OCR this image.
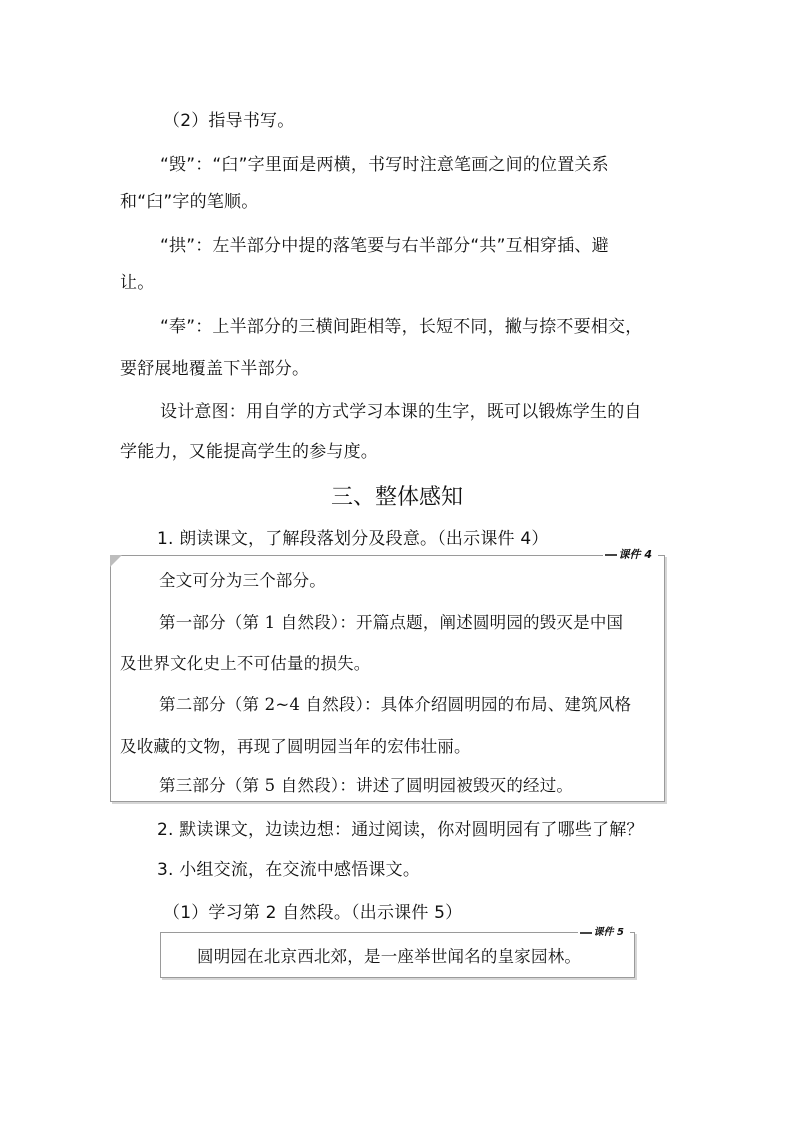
（2）指导书写。
“毁”：“臼”字里面是两横，书写时注意笔画之间的位置关系
和“臼”字的笔顺。
“拱”：左半部分中提的落笔要与右半部分“共”互相穿插、避
让。
“奉”：上半部分的三横间距相等，长短不同，撇与捺不要相交，
要舒展地覆盖下半部分。
设计意图：用自学的方式学习本课的生字，既可以锻炼学生的自
学能力，又能提高学生的参与度。
三、整体感知
1. 朗读课文，了解段落划分及段意。（出示课件 4）
课件 4
全文可分为三个部分。
第一部分（第 1 自然段）：开篇点题，阐述圆明园的毁灭是中国
及世界文化史上不可估量的损失。
第二部分（第 2~4 自然段）：具体介绍圆明园的布局、建筑风格
及收藏的文物，再现了圆明园当年的宏伟壮丽。
第三部分（第 5 自然段）：讲述了圆明园被毁灭的经过。
2. 默读课文，边读边想：通过阅读，你对圆明园有了哪些了解？
3. 小组交流，在交流中感悟课文。
（1）学习第 2 自然段。（出示课件 5）
课件 5
圆明园在北京西北郊，是一座举世闻名的皇家园林。
